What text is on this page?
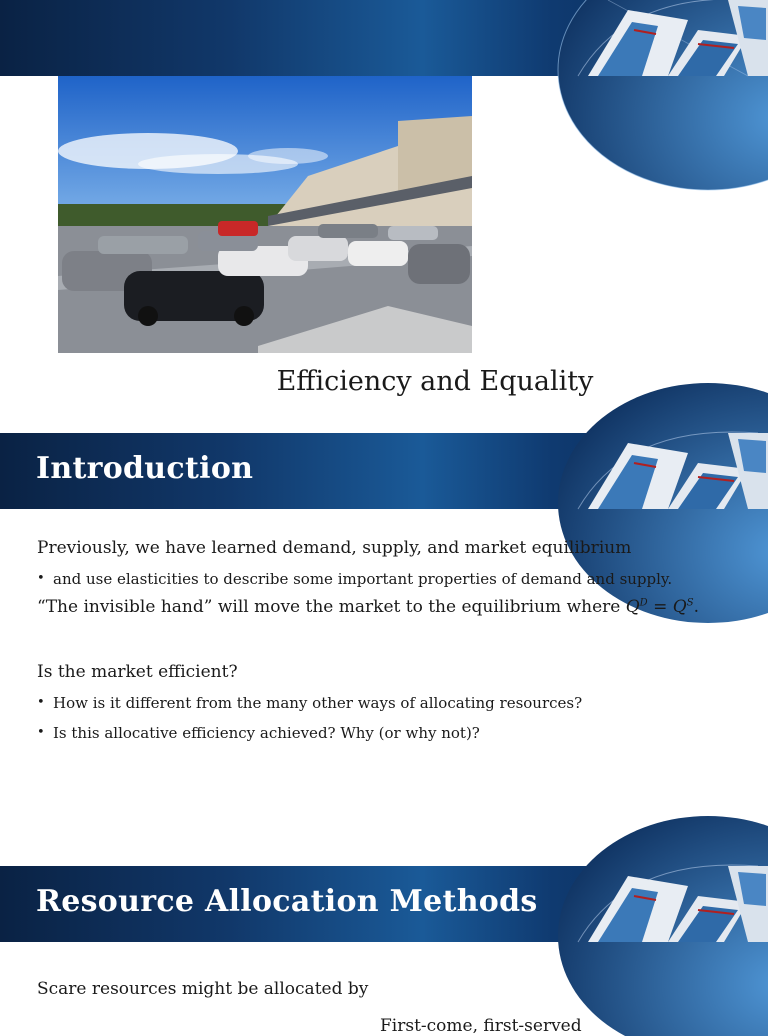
Efficiency and Equality
Introduction
Previously, we have learned demand, supply, and market equilibrium
• and use elasticities to describe some important properties of demand and supply.
“The invisible hand” will move the market to the equilibrium where $Q^D = Q^S$.
Is the market efficient?
• How is it different from the many other ways of allocating resources?
• Is this allocative efficiency achieved? Why (or why not)?
Resource Allocation Methods
Scare resources might be allocated by
First-come, first-served
